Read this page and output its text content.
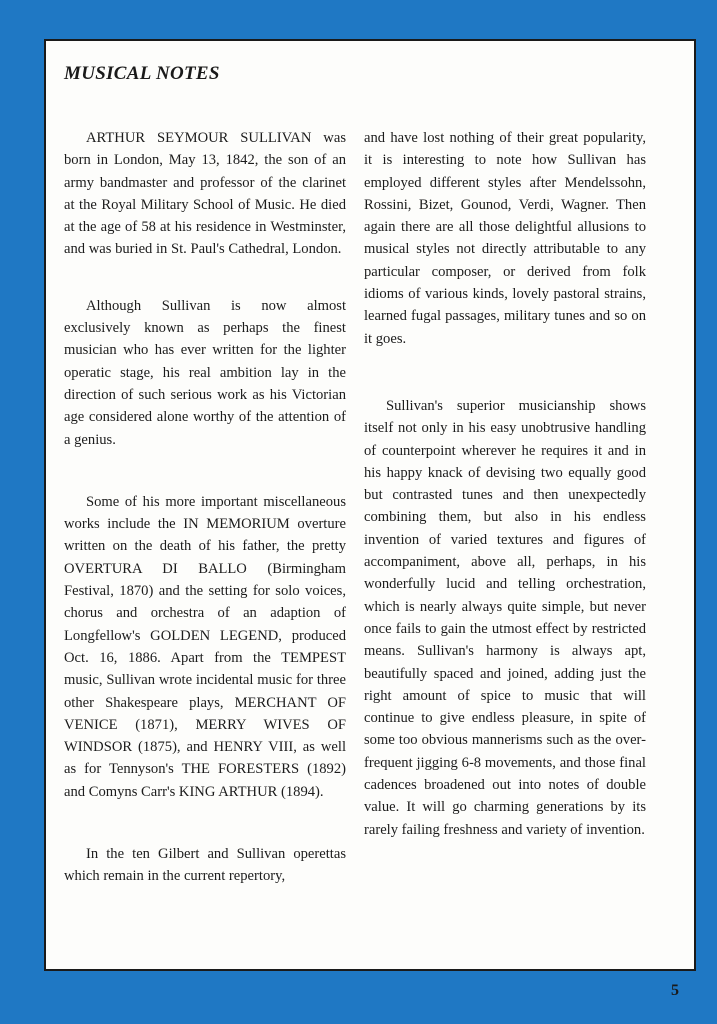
MUSICAL NOTES

ARTHUR SEYMOUR SULLIVAN was born in London, May 13, 1842, the son of an army bandmaster and professor of the clarinet at the Royal Military School of Music. He died at the age of 58 at his residence in Westminster, and was buried in St. Paul's Cathedral, London.

Although Sullivan is now almost exclusively known as perhaps the finest musician who has ever written for the lighter operatic stage, his real ambition lay in the direction of such serious work as his Victorian age considered alone worthy of the attention of a genius.

Some of his more important miscellaneous works include the IN MEMORIUM overture written on the death of his father, the pretty OVERTURA DI BALLO (Birmingham Festival, 1870) and the setting for solo voices, chorus and orchestra of an adaption of Longfellow's GOLDEN LEGEND, produced Oct. 16, 1886. Apart from the TEMPEST music, Sullivan wrote incidental music for three other Shakespeare plays, MERCHANT OF VENICE (1871), MERRY WIVES OF WINDSOR (1875), and HENRY VIII, as well as for Tennyson's THE FORESTERS (1892) and Comyns Carr's KING ARTHUR (1894).

In the ten Gilbert and Sullivan operettas which remain in the current repertory,

and have lost nothing of their great popularity, it is interesting to note how Sullivan has employed different styles after Mendelssohn, Rossini, Bizet, Gounod, Verdi, Wagner. Then again there are all those delightful allusions to musical styles not directly attributable to any particular composer, or derived from folk idioms of various kinds, lovely pastoral strains, learned fugal passages, military tunes and so on it goes.

Sullivan's superior musicianship shows itself not only in his easy unobtrusive handling of counterpoint wherever he requires it and in his happy knack of devising two equally good but contrasted tunes and then unexpectedly combining them, but also in his endless invention of varied textures and figures of accompaniment, above all, perhaps, in his wonderfully lucid and telling orchestration, which is nearly always quite simple, but never once fails to gain the utmost effect by restricted means. Sullivan's harmony is always apt, beautifully spaced and joined, adding just the right amount of spice to music that will continue to give endless pleasure, in spite of some too obvious mannerisms such as the over-frequent jigging 6-8 movements, and those final cadences broadened out into notes of double value. It will go charming generations by its rarely failing freshness and variety of invention.

5
